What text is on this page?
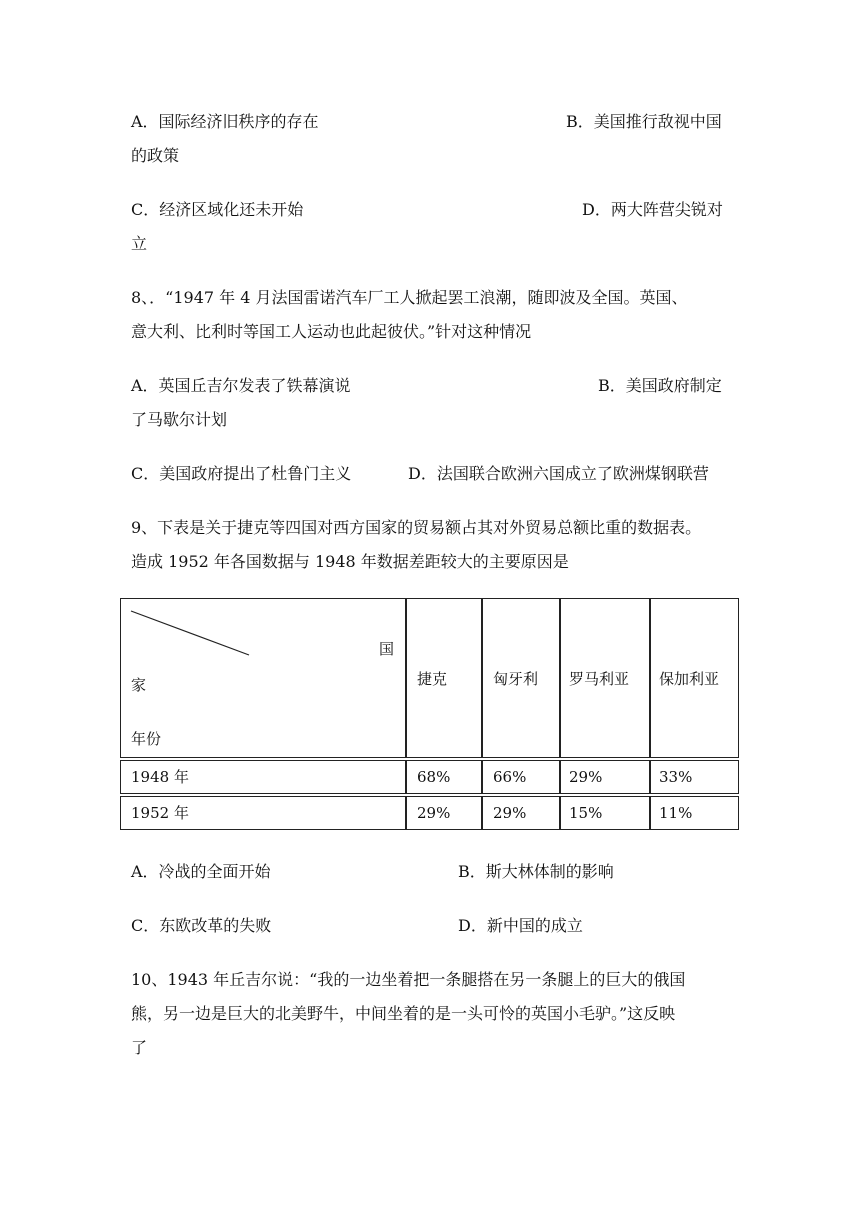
A．国际经济旧秩序的存在	B．美国推行敌视中国
的政策
C．经济区域化还未开始	D．两大阵营尖锐对
立
8、．“1947 年 4 月法国雷诺汽车厂工人掀起罢工浪潮，随即波及全国。英国、
意大利、比利时等国工人运动也此起彼伏。”针对这种情况
A．英国丘吉尔发表了铁幕演说	B．美国政府制定
了马歇尔计划
C．美国政府提出了杜鲁门主义	D．法国联合欧洲六国成立了欧洲煤钢联营
9、下表是关于捷克等四国对西方国家的贸易额占其对外贸易总额比重的数据表。
造成 1952 年各国数据与 1948 年数据差距较大的主要原因是
国
家
年份
捷克	匈牙利 罗马利亚 保加利亚
1948 年	68%	66%	29%	33%
1952 年	29%	29%	15%	11%
A．冷战的全面开始	B．斯大林体制的影响
C．东欧改革的失败	D．新中国的成立
10、1943 年丘吉尔说：“我的一边坐着把一条腿搭在另一条腿上的巨大的俄国
熊，另一边是巨大的北美野牛，中间坐着的是一头可怜的英国小毛驴。”这反映
了
